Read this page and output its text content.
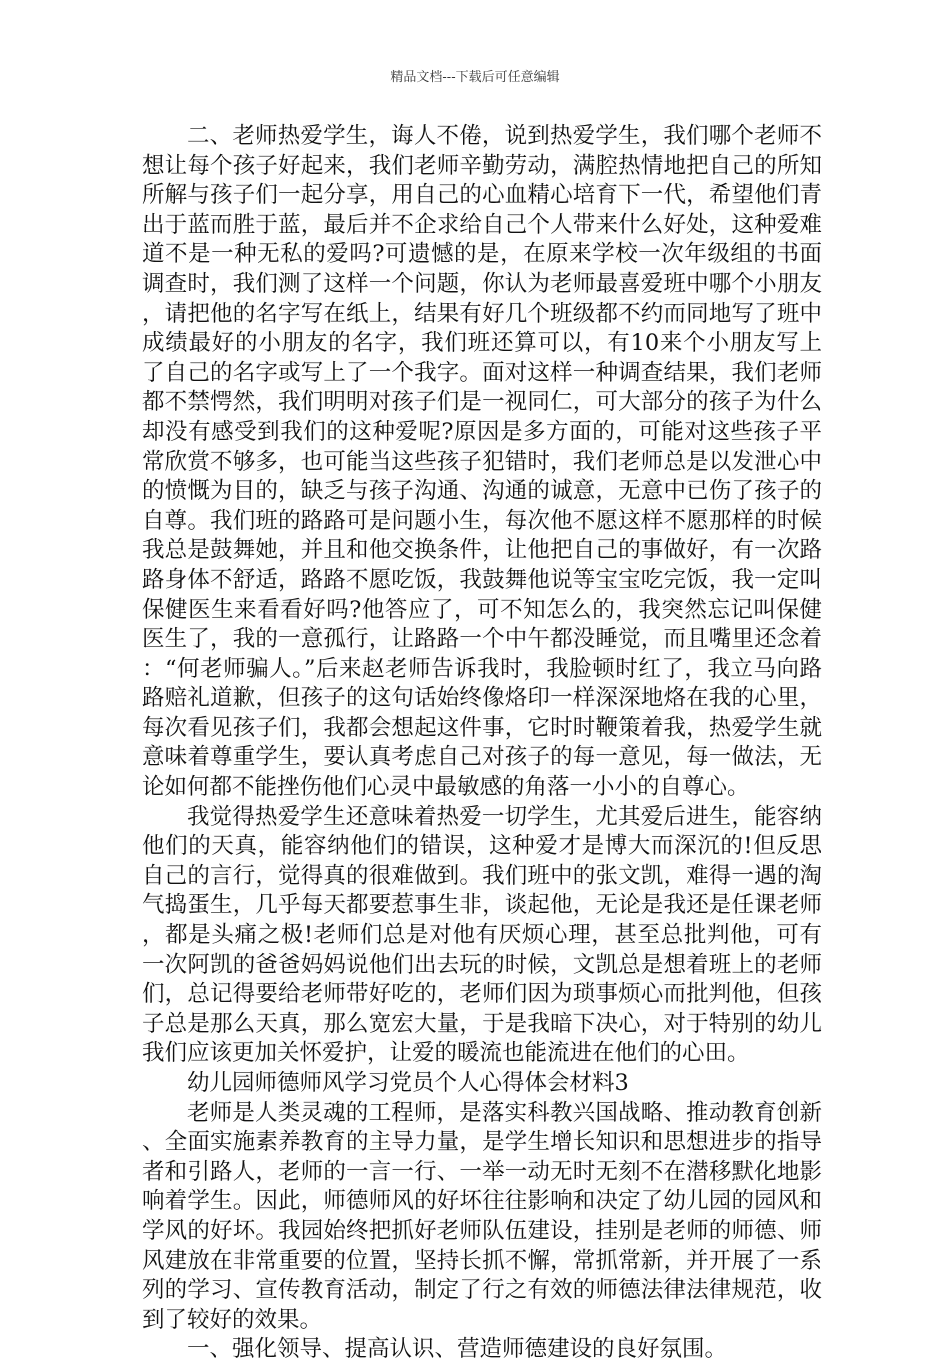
精品文档---下载后可任意编辑

二、老师热爱学生，诲人不倦，说到热爱学生，我们哪个老师不想让每个孩子好起来，我们老师辛勤劳动，满腔热情地把自己的所知所解与孩子们一起分享，用自己的心血精心培育下一代，希望他们青出于蓝而胜于蓝，最后并不企求给自己个人带来什么好处，这种爱难道不是一种无私的爱吗?可遗憾的是，在原来学校一次年级组的书面调查时，我们测了这样一个问题，你认为老师最喜爱班中哪个小朋友，请把他的名字写在纸上，结果有好几个班级都不约而同地写了班中成绩最好的小朋友的名字，我们班还算可以，有10来个小朋友写上了自己的名字或写上了一个我字。面对这样一种调查结果，我们老师都不禁愕然，我们明明对孩子们是一视同仁，可大部分的孩子为什么却没有感受到我们的这种爱呢?原因是多方面的，可能对这些孩子平常欣赏不够多，也可能当这些孩子犯错时，我们老师总是以发泄心中的愤慨为目的，缺乏与孩子沟通、沟通的诚意，无意中已伤了孩子的自尊。我们班的路路可是问题小生，每次他不愿这样不愿那样的时候我总是鼓舞她，并且和他交换条件，让他把自己的事做好，有一次路路身体不舒适，路路不愿吃饭，我鼓舞他说等宝宝吃完饭，我一定叫保健医生来看看好吗?他答应了，可不知怎么的，我突然忘记叫保健医生了，我的一意孤行，让路路一个中午都没睡觉，而且嘴里还念着：“何老师骗人。”后来赵老师告诉我时，我脸顿时红了，我立马向路路赔礼道歉，但孩子的这句话始终像烙印一样深深地烙在我的心里，每次看见孩子们，我都会想起这件事，它时时鞭策着我，热爱学生就意味着尊重学生，要认真考虑自己对孩子的每一意见，每一做法，无论如何都不能挫伤他们心灵中最敏感的角落一小小的自尊心。

我觉得热爱学生还意味着热爱一切学生，尤其爱后进生，能容纳他们的天真，能容纳他们的错误，这种爱才是博大而深沉的!但反思自己的言行，觉得真的很难做到。我们班中的张文凯，难得一遇的淘气捣蛋生，几乎每天都要惹事生非，谈起他，无论是我还是任课老师，都是头痛之极!老师们总是对他有厌烦心理，甚至总批判他，可有一次阿凯的爸爸妈妈说他们出去玩的时候，文凯总是想着班上的老师们，总记得要给老师带好吃的，老师们因为琐事烦心而批判他，但孩子总是那么天真，那么宽宏大量，于是我暗下决心，对于特别的幼儿我们应该更加关怀爱护，让爱的暖流也能流进在他们的心田。

幼儿园师德师风学习党员个人心得体会材料3

老师是人类灵魂的工程师，是落实科教兴国战略、推动教育创新、全面实施素养教育的主导力量，是学生增长知识和思想进步的指导者和引路人，老师的一言一行、一举一动无时无刻不在潜移默化地影响着学生。因此，师德师风的好坏往往影响和决定了幼儿园的园风和学风的好坏。我园始终把抓好老师队伍建设，挂别是老师的师德、师风建放在非常重要的位置，坚持长抓不懈，常抓常新，并开展了一系列的学习、宣传教育活动，制定了行之有效的师德法律法律规范，收到了较好的效果。

一、强化领导、提高认识、营造师德建设的良好氛围。
